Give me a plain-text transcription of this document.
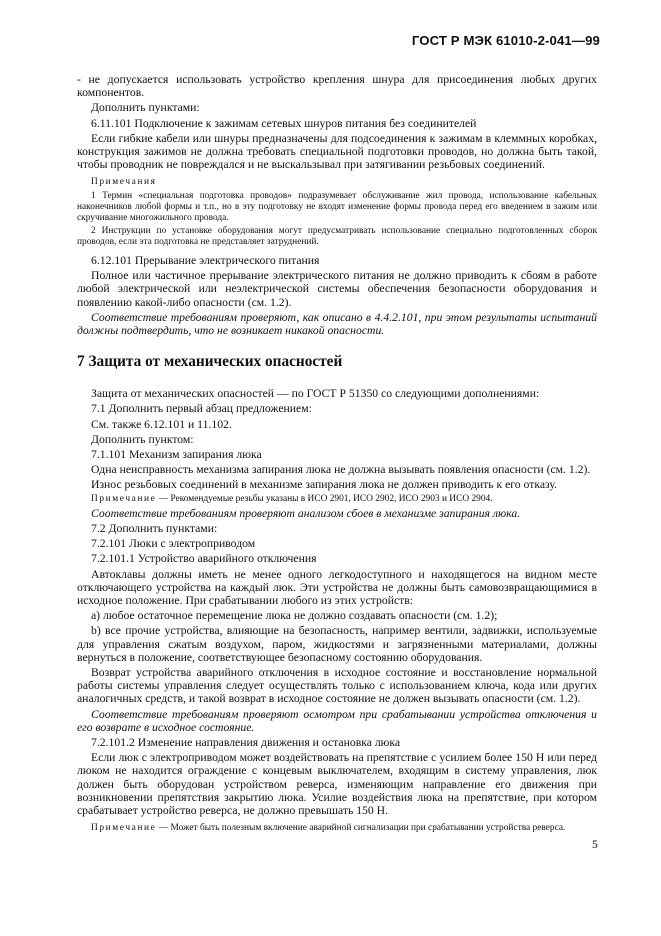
ГОСТ Р МЭК 61010-2-041—99

- не допускается использовать устройство крепления шнура для присоединения любых других компонентов.

Дополнить пунктами:

6.11.101 Подключение к зажимам сетевых шнуров питания без соединителей

Если гибкие кабели или шнуры предназначены для подсоединения к зажимам в клеммных коробках, конструкция зажимов не должна требовать специальной подготовки проводов, но должна быть такой, чтобы проводник не повреждался и не выскальзывал при затягивании резьбовых соединений.

Примечания

1 Термин «специальная подготовка проводов» подразумевает обслуживание жил провода, использование кабельных наконечников любой формы и т.п., но в эту подготовку не входят изменение формы провода перед его введением в зажим или скручивание многожильного провода.

2 Инструкции по установке оборудования могут предусматривать использование специально подготовленных сборок проводов, если эта подготовка не представляет затруднений.

6.12.101 Прерывание электрического питания

Полное или частичное прерывание электрического питания не должно приводить к сбоям в работе любой электрической или неэлектрической системы обеспечения безопасности оборудования и появлению какой-либо опасности (см. 1.2).

Соответствие требованиям проверяют, как описано в 4.4.2.101, при этом результаты испытаний должны подтвердить, что не возникает никакой опасности.

7 Защита от механических опасностей

Защита от механических опасностей — по ГОСТ Р 51350 со следующими дополнениями:

7.1 Дополнить первый абзац предложением:

См. также 6.12.101 и 11.102.

Дополнить пунктом:

7.1.101 Механизм запирания люка

Одна неисправность механизма запирания люка не должна вызывать появления опасности (см. 1.2).

Износ резьбовых соединений в механизме запирания люка не должен приводить к его отказу.

Примечание — Рекомендуемые резьбы указаны в ИСО 2901, ИСО 2902, ИСО 2903 и ИСО 2904.

Соответствие требованиям проверяют анализом сбоев в механизме запирания люка.

7.2 Дополнить пунктами:

7.2.101 Люки с электроприводом

7.2.101.1 Устройство аварийного отключения

Автоклавы должны иметь не менее одного легкодоступного и находящегося на видном месте отключающего устройства на каждый люк. Эти устройства не должны быть самовозвращающимися в исходное положение. При срабатывании любого из этих устройств:

a) любое остаточное перемещение люка не должно создавать опасности (см. 1.2);

b) все прочие устройства, влияющие на безопасность, например вентили, задвижки, используемые для управления сжатым воздухом, паром, жидкостями и загрязненными материалами, должны вернуться в положение, соответствующее безопасному состоянию оборудования.

Возврат устройства аварийного отключения в исходное состояние и восстановление нормальной работы системы управления следует осуществлять только с использованием ключа, кода или других аналогичных средств, и такой возврат в исходное состояние не должен вызывать опасности (см. 1.2).

Соответствие требованиям проверяют осмотром при срабатывании устройства отключения и его возврате в исходное состояние.

7.2.101.2 Изменение направления движения и остановка люка

Если люк с электроприводом может воздействовать на препятствие с усилием более 150 Н или перед люком не находится ограждение с концевым выключателем, входящим в систему управления, люк должен быть оборудован устройством реверса, изменяющим направление его движения при возникновении препятствия закрытию люка. Усилие воздействия люка на препятствие, при котором срабатывает устройство реверса, не должно превышать 150 Н.

Примечание — Может быть полезным включение аварийной сигнализации при срабатывании устройства реверса.

5
